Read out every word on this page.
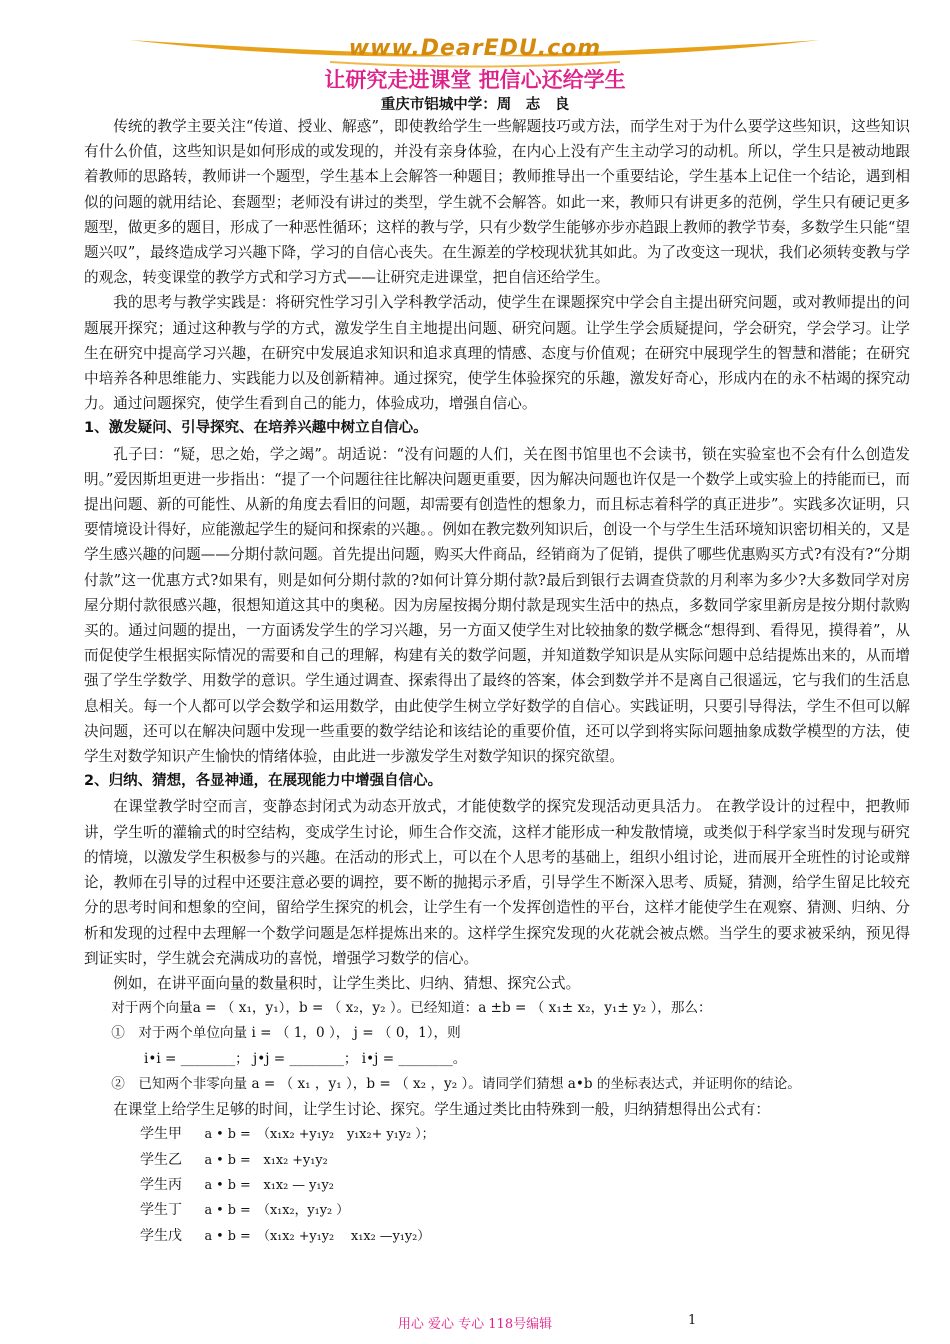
www.DearEDU.com
让研究走进课堂 把信心还给学生
重庆市铝城中学：周　志　良

传统的教学主要关注“传道、授业、解惑”，即使教给学生一些解题技巧或方法，而学生对于为什么要学这些知识，这些知识有什么价值，这些知识是如何形成的或发现的，并没有亲身体验，在内心上没有产生主动学习的动机。所以，学生只是被动地跟着教师的思路转，教师讲一个题型，学生基本上会解答一种题目；教师推导出一个重要结论，学生基本上记住一个结论，遇到相似的问题的就用结论、套题型；老师没有讲过的类型，学生就不会解答。如此一来，教师只有讲更多的范例，学生只有硬记更多题型，做更多的题目，形成了一种恶性循环；这样的教与学，只有少数学生能够亦步亦趋跟上教师的教学节奏，多数学生只能“望题兴叹”，最终造成学习兴趣下降，学习的自信心丧失。在生源差的学校现状犹其如此。为了改变这一现状，我们必须转变教与学的观念，转变课堂的教学方式和学习方式——让研究走进课堂，把自信还给学生。

我的思考与教学实践是：将研究性学习引入学科教学活动，使学生在课题探究中学会自主提出研究问题，或对教师提出的问题展开探究；通过这种教与学的方式，激发学生自主地提出问题、研究问题。让学生学会质疑提问，学会研究，学会学习。让学生在研究中提高学习兴趣，在研究中发展追求知识和追求真理的情感、态度与价值观；在研究中展现学生的智慧和潜能；在研究中培养各种思维能力、实践能力以及创新精神。通过探究，使学生体验探究的乐趣，激发好奇心，形成内在的永不枯竭的探究动力。通过问题探究，使学生看到自己的能力，体验成功，增强自信心。

1、激发疑问、引导探究、在培养兴趣中树立自信心。

孔子曰：“疑，思之始，学之竭”。胡适说：“没有问题的人们，关在图书馆里也不会读书，锁在实验室也不会有什么创造发明。”爱因斯坦更进一步指出：“提了一个问题往往比解决问题更重要，因为解决问题也许仅是一个数学上或实验上的持能而已，而提出问题、新的可能性、从新的角度去看旧的问题，却需要有创造性的想象力，而且标志着科学的真正进步”。实践多次证明，只要情境设计得好，应能激起学生的疑问和探索的兴趣。。例如在教完数列知识后，创设一个与学生生活环境知识密切相关的，又是学生感兴趣的问题——分期付款问题。首先提出问题，购买大件商品，经销商为了促销，提供了哪些优惠购买方式?有没有?“分期付款”这一优惠方式?如果有，则是如何分期付款的?如何计算分期付款?最后到银行去调查贷款的月利率为多少?大多数同学对房屋分期付款很感兴趣，很想知道这其中的奥秘。因为房屋按揭分期付款是现实生活中的热点，多数同学家里新房是按分期付款购买的。通过问题的提出，一方面诱发学生的学习兴趣，另一方面又使学生对比较抽象的数学概念“想得到、看得见，摸得着”，从而促使学生根据实际情况的需要和自己的理解，构建有关的数学问题，并知道数学知识是从实际问题中总结提炼出来的，从而增强了学生学数学、用数学的意识。学生通过调查、探索得出了最终的答案，体会到数学并不是离自己很遥远，它与我们的生活息息相关。每一个人都可以学会数学和运用数学，由此使学生树立学好数学的自信心。实践证明，只要引导得法，学生不但可以解决问题，还可以在解决问题中发现一些重要的数学结论和该结论的重要价值，还可以学到将实际问题抽象成数学模型的方法，使学生对数学知识产生愉快的情绪体验，由此进一步激发学生对数学知识的探究欲望。

2、归纳、猜想，各显神通，在展现能力中增强自信心。

在课堂教学时空而言，变静态封闭式为动态开放式，才能使数学的探究发现活动更具活力。 在教学设计的过程中，把教师讲，学生听的灌输式的时空结构，变成学生讨论，师生合作交流，这样才能形成一种发散情境，或类似于科学家当时发现与研究的情境，以激发学生积极参与的兴趣。在活动的形式上，可以在个人思考的基础上，组织小组讨论，进而展开全班性的讨论或辩论，教师在引导的过程中还要注意必要的调控，要不断的抛掲示矛盾，引导学生不断深入思考、质疑，猜测，给学生留足比较充分的思考时间和想象的空间，留给学生探究的机会，让学生有一个发挥创造性的平台，这样才能使学生在观察、猜测、归纳、分析和发现的过程中去理解一个数学问题是怎样提炼出来的。这样学生探究发现的火花就会被点燃。当学生的要求被采纳，预见得到证实时，学生就会充满成功的喜悦，增强学习数学的信心。

例如，在讲平面向量的数量积时，让学生类比、归纳、猜想、探究公式。

对于两个向量a = （ x₁，y₁），b = （ x₂，y₂ ）。已经知道：a ±b = （ x₁± x₂，y₁± y₂ ），那么：

①　对于两个单位向量 i = （ 1，0 ）， j = （ 0，1），则

i•i = ________； j•j = ________； i•j = ________。

②　已知两个非零向量 a = （ x₁ ，y₁ ），b = （ x₂ ，y₂ ）。请同学们猜想 a•b 的坐标表达式，并证明你的结论。

在课堂上给学生足够的时间，让学生讨论、探究。学生通过类比由特殊到一般，归纳猜想得出公式有：

学生甲 a • b =　（x₁x₂ +y₁y₂　y₁x₂+ y₁y₂ ）；
学生乙 a • b =　x₁x₂ +y₁y₂
学生丙 a • b =　x₁x₂ — y₁y₂
学生丁 a • b =　（x₁x₂，y₁y₂ ）
学生戊 a • b =　（x₁x₂ +y₁y₂　 x₁x₂ —y₁y₂）
用心 爱心 专心 118号编辑	1
